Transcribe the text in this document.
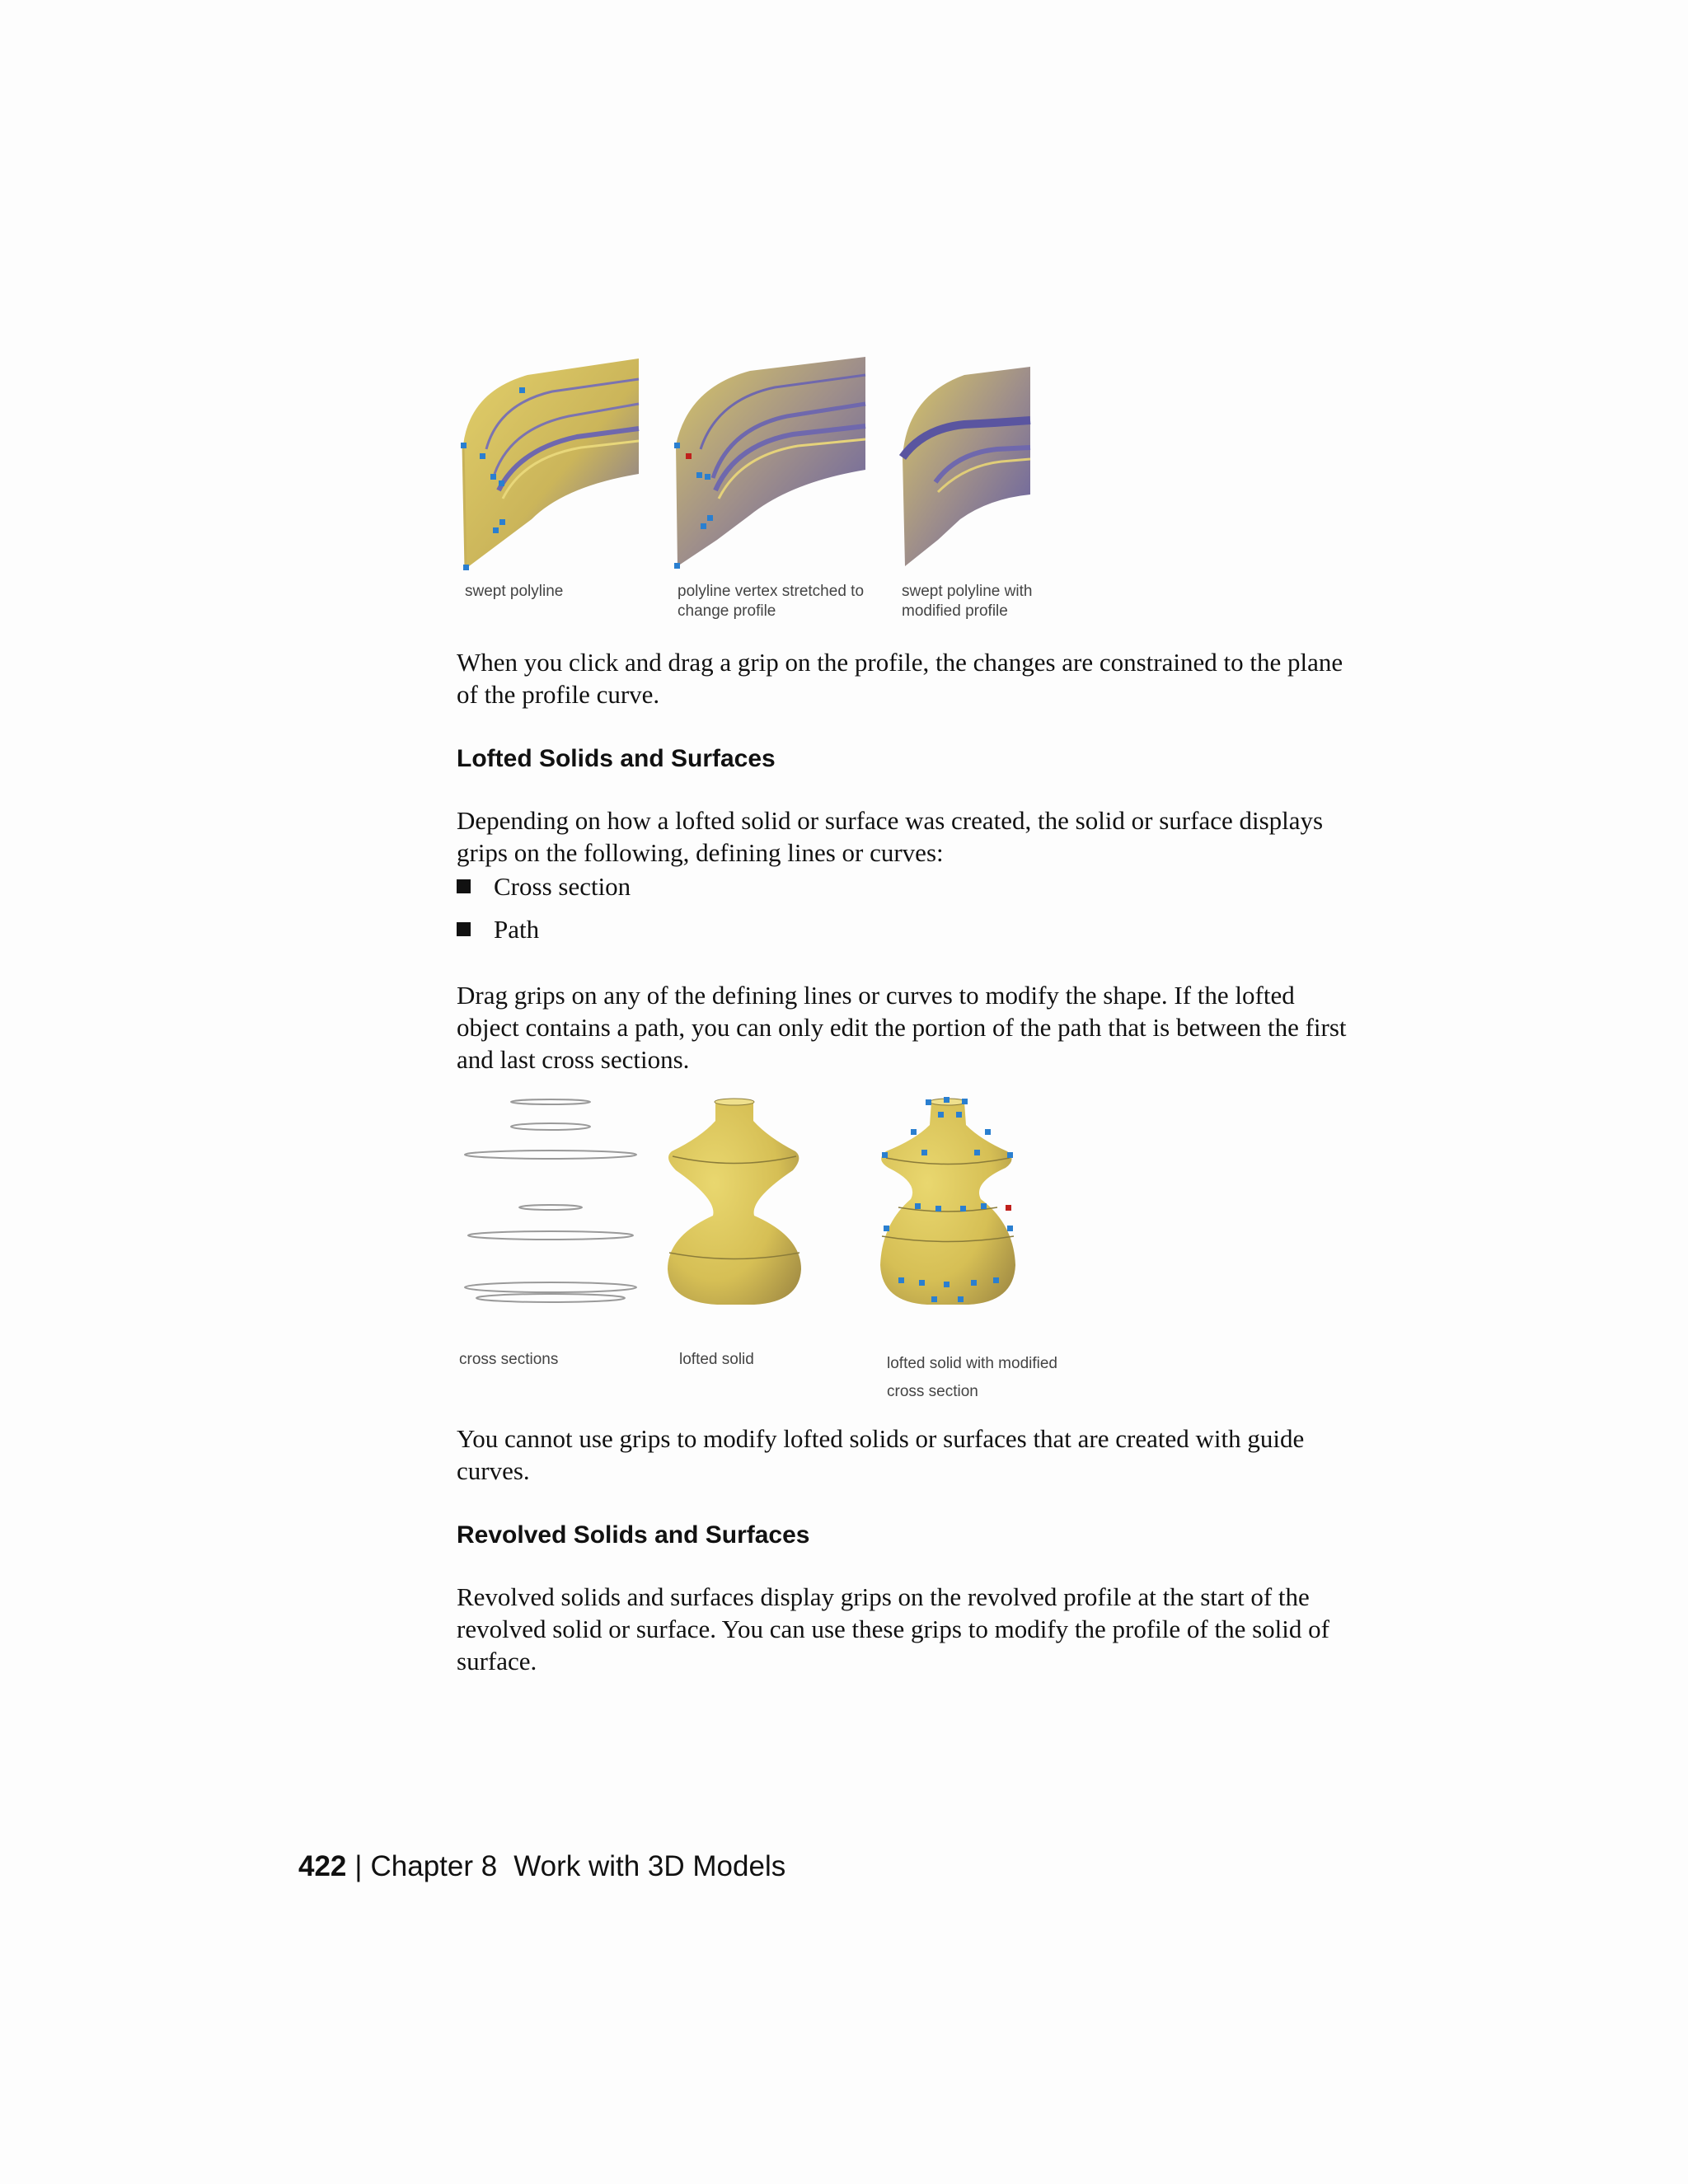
swept polyline	polyline vertex stretched to change profile
swept polyline with modified profile

When you click and drag a grip on the profile, the changes are constrained to the plane of the profile curve.

Lofted Solids and Surfaces

Depending on how a lofted solid or surface was created, the solid or surface displays grips on the following, defining lines or curves:

Cross section
Path

Drag grips on any of the defining lines or curves to modify the shape. If the lofted object contains a path, you can only edit the portion of the path that is between the first and last cross sections.

cross sections	lofted solid	lofted solid with modified cross section

You cannot use grips to modify lofted solids or surfaces that are created with guide curves.

Revolved Solids and Surfaces

Revolved solids and surfaces display grips on the revolved profile at the start of the revolved solid or surface. You can use these grips to modify the profile of the solid of surface.

422 | Chapter 8 Work with 3D Models
